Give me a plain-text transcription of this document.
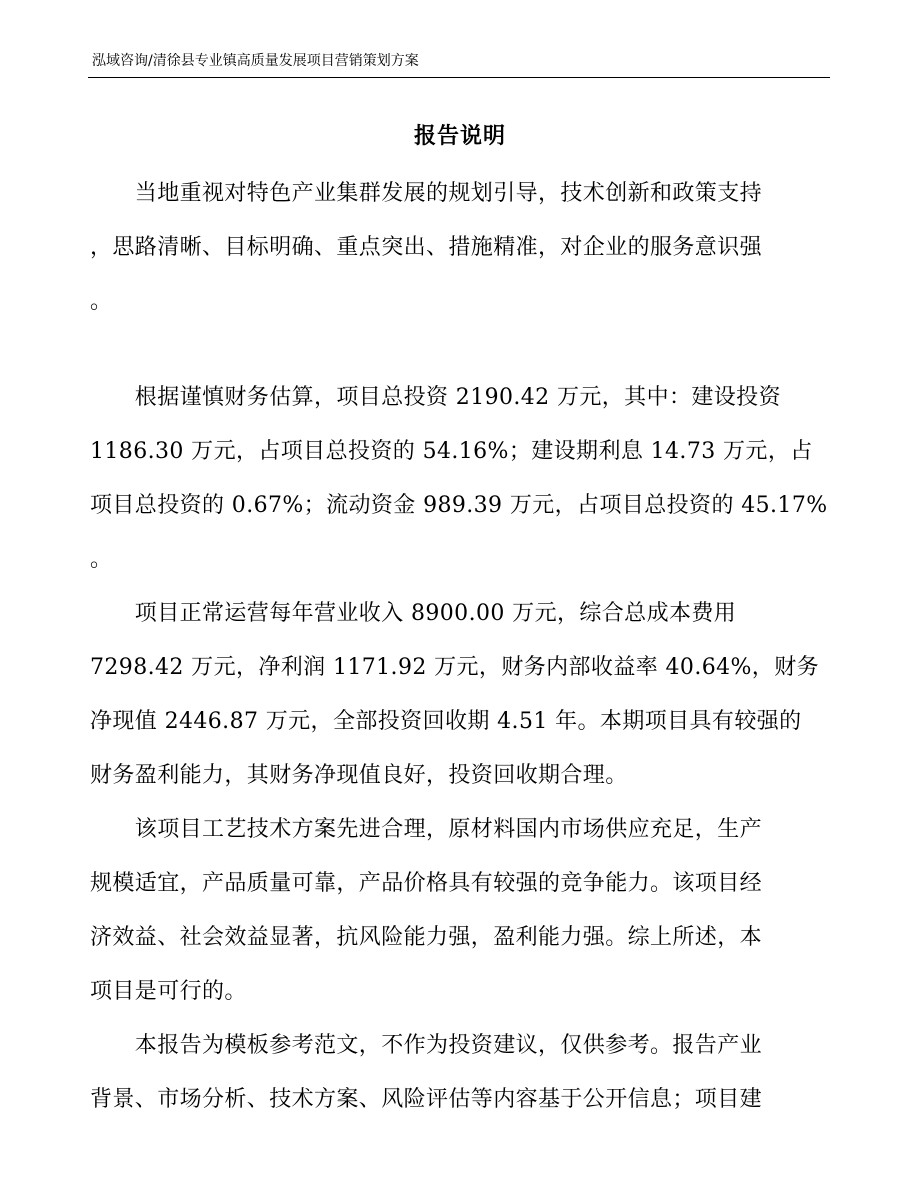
泓域咨询/清徐县专业镇高质量发展项目营销策划方案
报告说明

　　当地重视对特色产业集群发展的规划引导，技术创新和政策支持
，思路清晰、目标明确、重点突出、措施精准，对企业的服务意识强
。

　　根据谨慎财务估算，项目总投资 2190.42 万元，其中：建设投资
1186.30 万元，占项目总投资的 54.16%；建设期利息 14.73 万元，占
项目总投资的 0.67%；流动资金 989.39 万元，占项目总投资的 45.17%
。

　　项目正常运营每年营业收入 8900.00 万元，综合总成本费用
7298.42 万元，净利润 1171.92 万元，财务内部收益率 40.64%，财务
净现值 2446.87 万元，全部投资回收期 4.51 年。本期项目具有较强的
财务盈利能力，其财务净现值良好，投资回收期合理。

　　该项目工艺技术方案先进合理，原材料国内市场供应充足，生产
规模适宜，产品质量可靠，产品价格具有较强的竞争能力。该项目经
济效益、社会效益显著，抗风险能力强，盈利能力强。综上所述，本
项目是可行的。

　　本报告为模板参考范文，不作为投资建议，仅供参考。报告产业
背景、市场分析、技术方案、风险评估等内容基于公开信息；项目建
